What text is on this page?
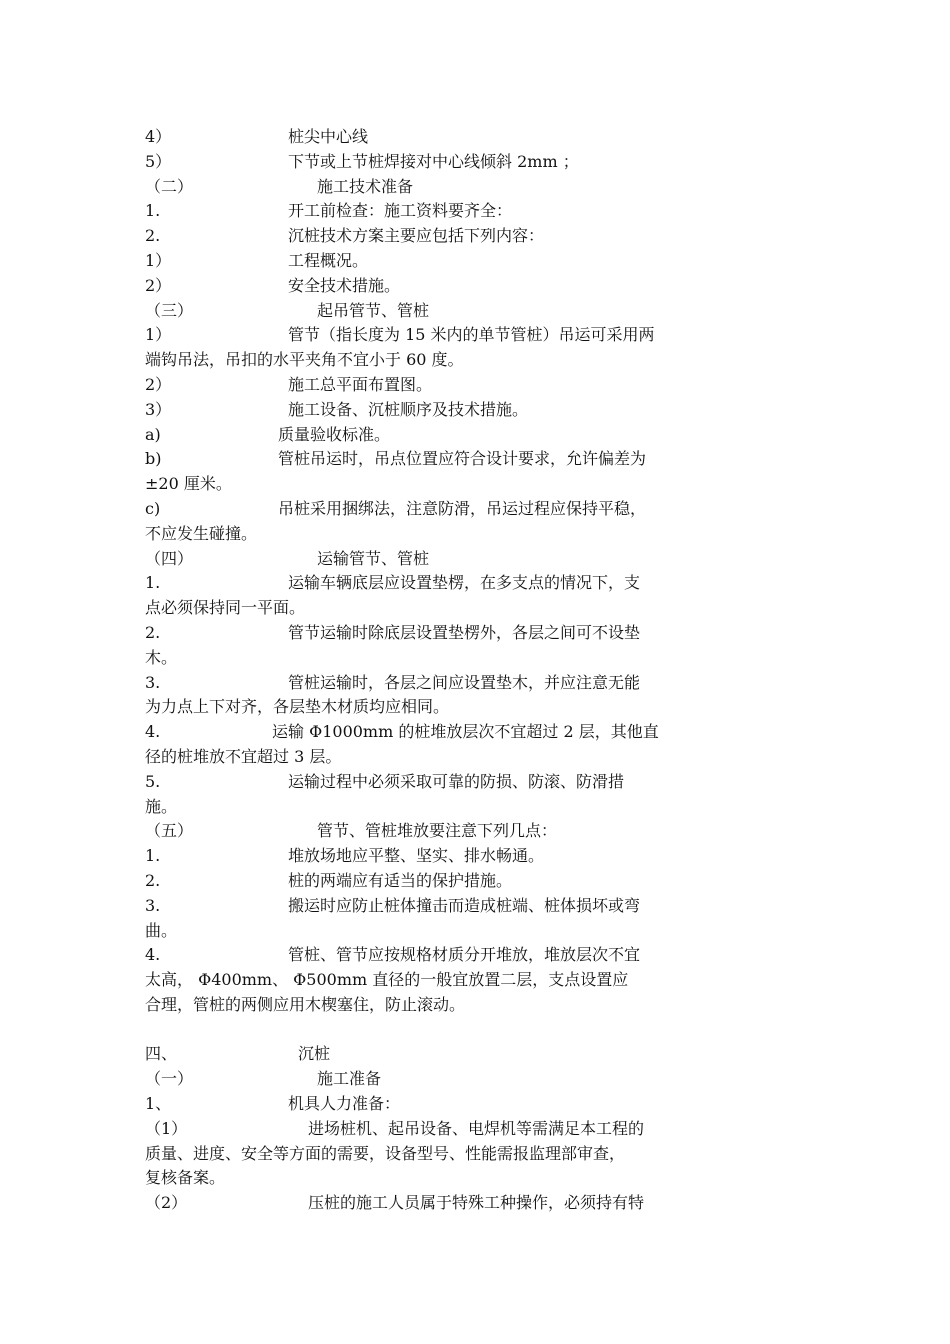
4）	桩尖中心线
5）	下节或上节桩焊接对中心线倾斜 2mm ；
（二）	施工技术准备
1.	开工前检查：施工资料要齐全：
2.	沉桩技术方案主要应包括下列内容：
1）	工程概况。
2）	安全技术措施。
（三）	起吊管节、管桩
1）	管节（指长度为 15 米内的单节管桩）吊运可采用两
端钩吊法，吊扣的水平夹角不宜小于 60 度。
2）	施工总平面布置图。
3）	施工设备、沉桩顺序及技术措施。
a)	质量验收标准。
b)	管桩吊运时，吊点位置应符合设计要求，允许偏差为
±20 厘米。
c)	吊桩采用捆绑法，注意防滑，吊运过程应保持平稳，
不应发生碰撞。
（四）	运输管节、管桩
1.	运输车辆底层应设置垫楞，在多支点的情况下，支
点必须保持同一平面。
2.	管节运输时除底层设置垫楞外，各层之间可不设垫
木。
3.	管桩运输时，各层之间应设置垫木，并应注意无能
为力点上下对齐，各层垫木材质均应相同。
4.	运输 Φ1000mm 的桩堆放层次不宜超过 2 层，其他直
径的桩堆放不宜超过 3 层。
5.	运输过程中必须采取可靠的防损、防滚、防滑措
施。
（五）	管节、管桩堆放要注意下列几点：
1.	堆放场地应平整、坚实、排水畅通。
2.	桩的两端应有适当的保护措施。
3.	搬运时应防止桩体撞击而造成桩端、桩体损坏或弯
曲。
4.	管桩、管节应按规格材质分开堆放，堆放层次不宜
太高， Φ400mm、 Φ500mm 直径的一般宜放置二层，支点设置应
合理，管桩的两侧应用木楔塞住，防止滚动。
四、	沉桩
（一）	施工准备
1、	机具人力准备：
（1）	进场桩机、起吊设备、电焊机等需满足本工程的
质量、进度、安全等方面的需要，设备型号、性能需报监理部审查，
复核备案。
（2）	压桩的施工人员属于特殊工种操作，必须持有特
